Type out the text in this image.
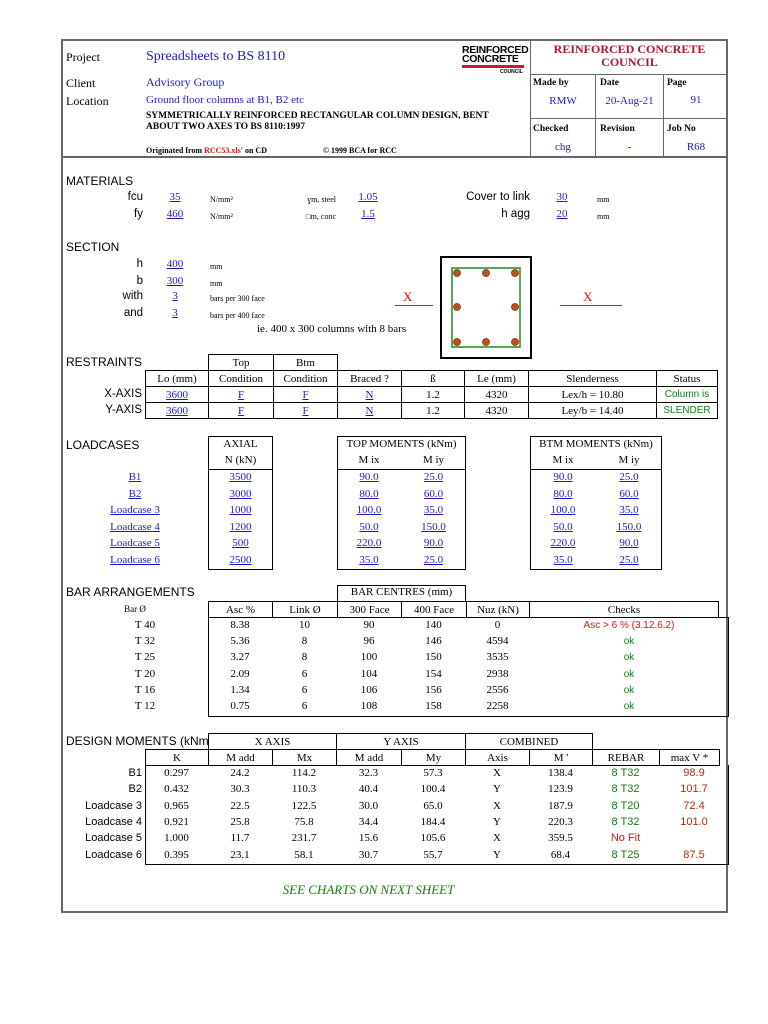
Project	Spreadsheets to BS 8110
Client	Advisory Group
Location	Ground floor columns at B1, B2 etc
SYMMETRICALLY REINFORCED RECTANGULAR COLUMN DESIGN, BENT
ABOUT TWO AXES TO BS 8110:1997
Originated from RCC53.xls' on CD	© 1999 BCA for RCC
REINFORCED
CONCRETE
COUNCIL
REINFORCED CONCRETE
COUNCIL
Made by
RMW
Date
20-Aug-21
Page
91
Checked
chg
Revision
-
Job No
R68
MATERIALS
fcu	35	N/mm²
fy	460	N/mm²
ɣm, steel	1.05
□m, conc	1.5
Cover to link	30	mm
h agg	20	mm
SECTION
h	400	mm
b	300	mm
with	3	bars per 300 face
and	3	bars per 400 face
ie. 400 x 300 columns with 8 bars
X	X
RESTRAINTS	Top	Btm
Lo (mm)	Condition	Condition	Braced ?	ß	Le (mm)	Slenderness	Status
3600	F	F	N	1.2	4320	Lex/h = 10.80	Column is
3600	F	F	N	1.2	4320	Ley/b = 14.40	SLENDER
X-AXIS
Y-AXIS
LOADCASES	AXIAL
N (kN)
TOP MOMENTS (kNm)
M ix	M iy
BTM MOMENTS (kNm)
M ix	M iy
B1	3500	90.0	25.0	90.0	25.0
B2	3000	80.0	60.0	80.0	60.0
Loadcase 3	1000	100.0	35.0	100.0	35.0
Loadcase 4	1200	50.0	150.0	50.0	150.0
Loadcase 5	500	220.0	90.0	220.0	90.0
Loadcase 6	2500	35.0	25.0	35.0	25.0
BAR ARRANGEMENTS	BAR CENTRES (mm)
Asc %	Link Ø	300 Face	400 Face	Nuz (kN)	Checks
Bar Ø
T 40	8.38	10	90	140	0	Asc > 6 % (3.12.6.2)
T 32	5.36	8	96	146	4594	ok
T 25	3.27	8	100	150	3535	ok
T 20	2.09	6	104	154	2938	ok
T 16	1.34	6	106	156	2556	ok
T 12	0.75	6	108	158	2258	ok
DESIGN MOMENTS (kNm	X AXIS	Y AXIS	COMBINED
K	M add	Mx	M add	My	Axis	M '	REBAR	max V *
B1	0.297	24.2	114.2	32.3	57.3	X	138.4	8 T32	98.9
B2	0.432	30.3	110.3	40.4	100.4	Y	123.9	8 T32	101.7
Loadcase 3	0.965	22.5	122.5	30.0	65.0	X	187.9	8 T20	72.4
Loadcase 4	0.921	25.8	75.8	34.4	184.4	Y	220.3	8 T32	101.0
Loadcase 5	1.000	11.7	231.7	15.6	105.6	X	359.5	No Fit
Loadcase 6	0.395	23.1	58.1	30.7	55.7	Y	68.4	8 T25	87.5
SEE CHARTS ON NEXT SHEET
